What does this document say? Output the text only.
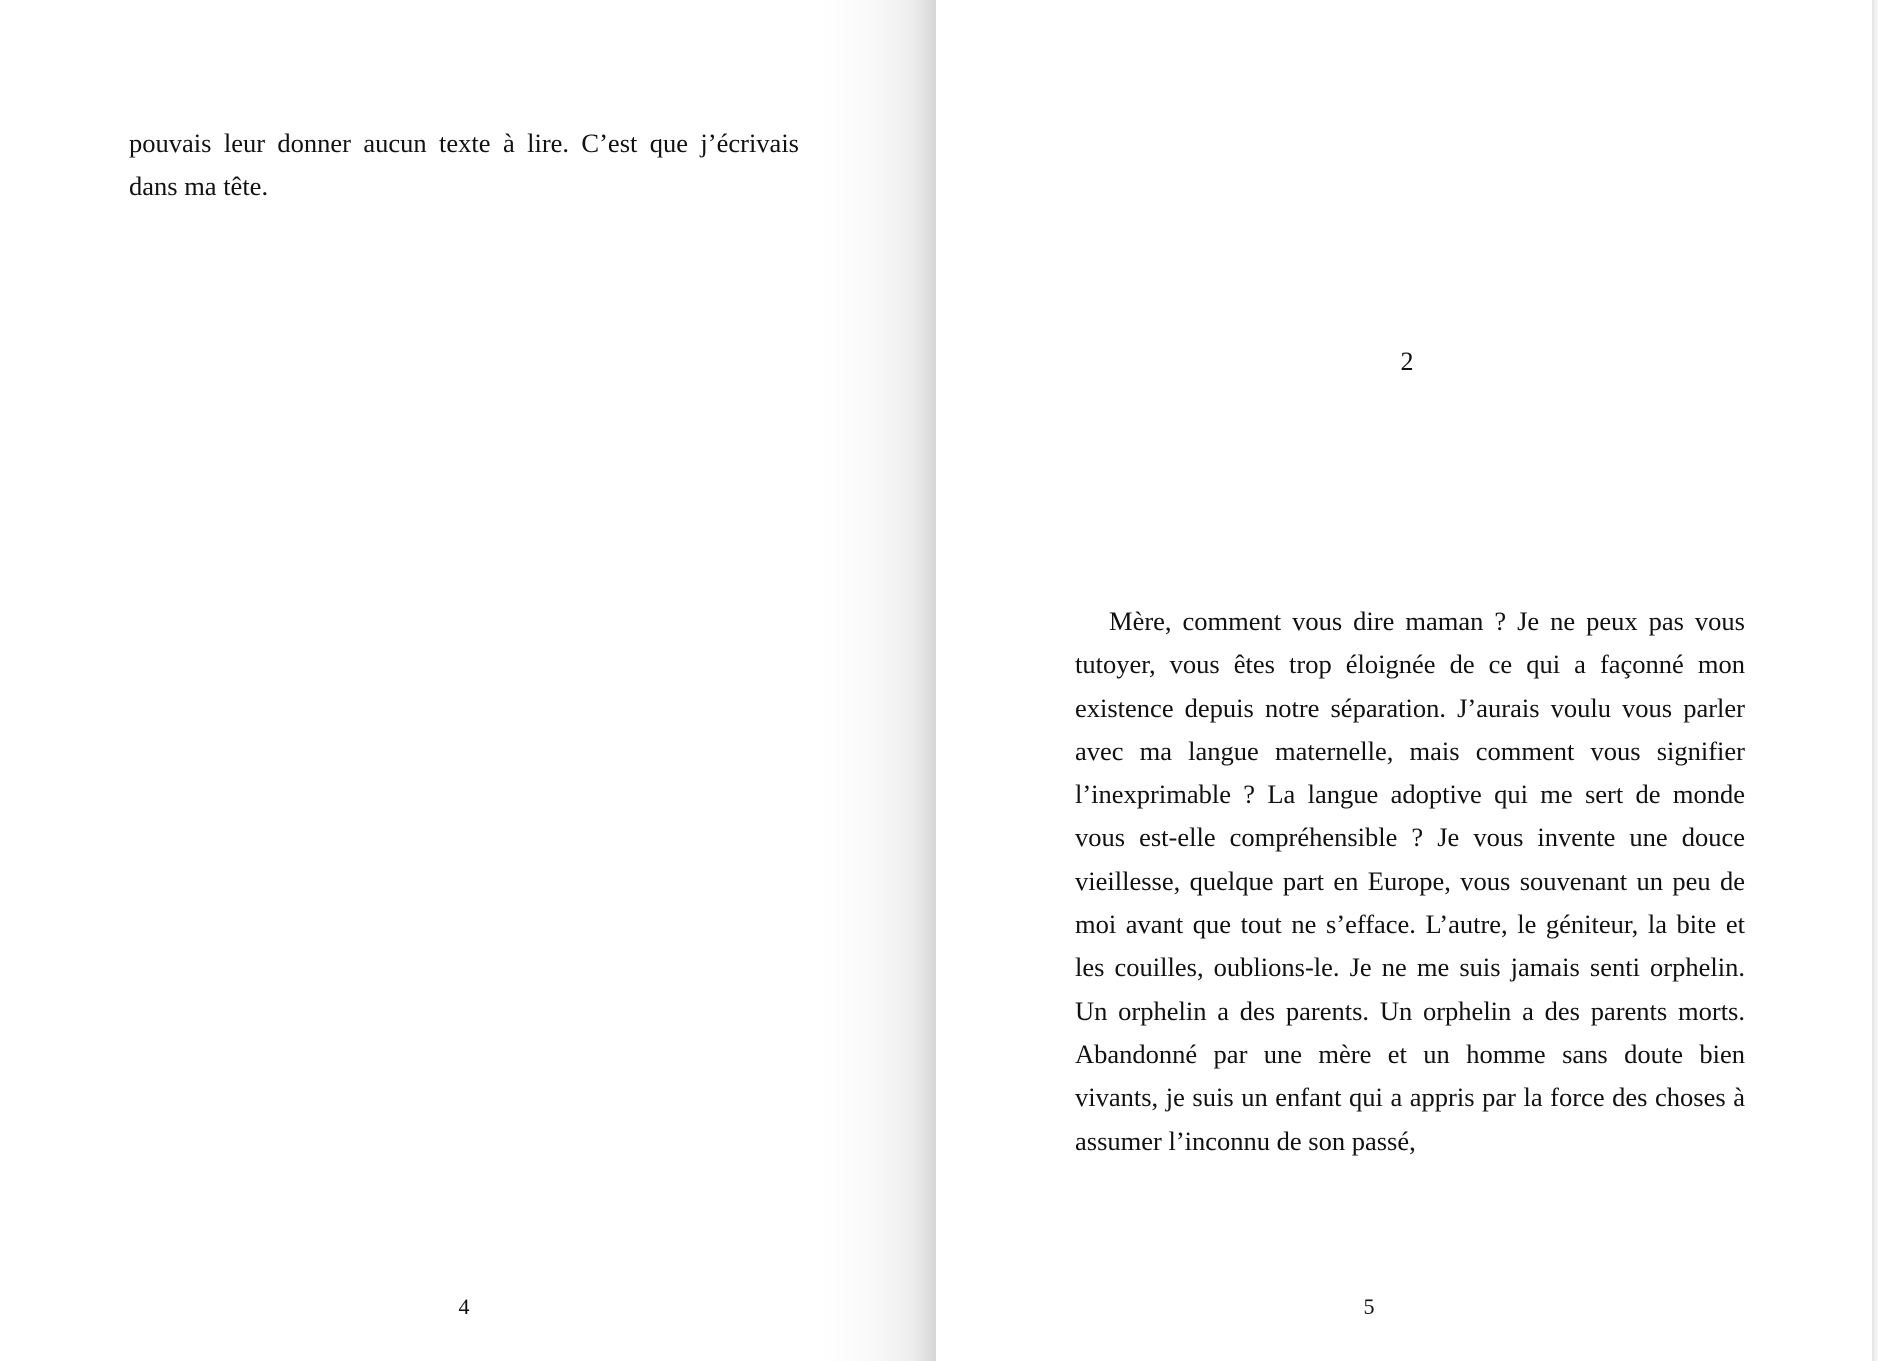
pouvais leur donner aucun texte à lire. C’est que j’écrivais dans ma tête.

4
2

Mère, comment vous dire maman ? Je ne peux pas vous tutoyer, vous êtes trop éloignée de ce qui a façonné mon existence depuis notre séparation. J’aurais voulu vous parler avec ma langue maternelle, mais comment vous signifier l’inexprimable ? La langue adoptive qui me sert de monde vous est-elle compréhensible ? Je vous invente une douce vieillesse, quelque part en Europe, vous souvenant un peu de moi avant que tout ne s’efface. L’autre, le géniteur, la bite et les couilles, oublions-le. Je ne me suis jamais senti orphelin. Un orphelin a des parents. Un orphelin a des parents morts. Abandonné par une mère et un homme sans doute bien vivants, je suis un enfant qui a appris par la force des choses à assumer l’inconnu de son passé,

5
